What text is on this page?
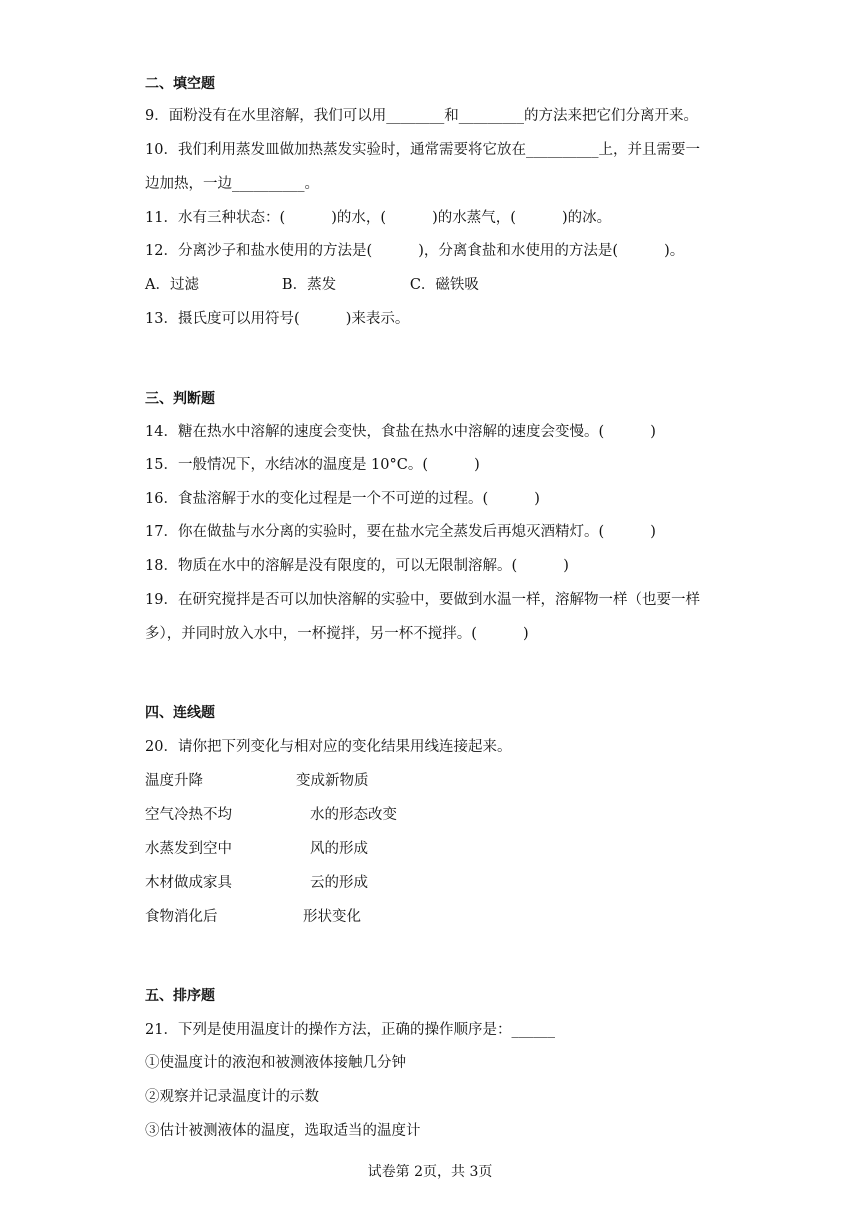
二、填空题
9．面粉没有在水里溶解，我们可以用________和_________的方法来把它们分离开来。
10．我们利用蒸发皿做加热蒸发实验时，通常需要将它放在__________上，并且需要一
边加热，一边__________。
11．水有三种状态：(          )的水，(          )的水蒸气，(          )的冰。
12．分离沙子和盐水使用的方法是(          )，分离食盐和水使用的方法是(          )。
A．过滤                  B．蒸发                C．磁铁吸
13．摄氏度可以用符号(          )来表示。
三、判断题
14．糖在热水中溶解的速度会变快，食盐在热水中溶解的速度会变慢。(          )
15．一般情况下，水结冰的温度是 10°C。(          )
16．食盐溶解于水的变化过程是一个不可逆的过程。(          )
17．你在做盐与水分离的实验时，要在盐水完全蒸发后再熄灭酒精灯。(          )
18．物质在水中的溶解是没有限度的，可以无限制溶解。(          )
19．在研究搅拌是否可以加快溶解的实验中，要做到水温一样，溶解物一样（也要一样
多），并同时放入水中，一杯搅拌，另一杯不搅拌。(          )
四、连线题
20．请你把下列变化与相对应的变化结果用线连接起来。
温度升降	变成新物质
空气冷热不均	水的形态改变
水蒸发到空中	风的形成
木材做成家具	云的形成
食物消化后	形状变化
五、排序题
21．下列是使用温度计的操作方法，正确的操作顺序是：______
①使温度计的液泡和被测液体接触几分钟
②观察并记录温度计的示数
③估计被测液体的温度，选取适当的温度计
试卷第 2页，共 3页
